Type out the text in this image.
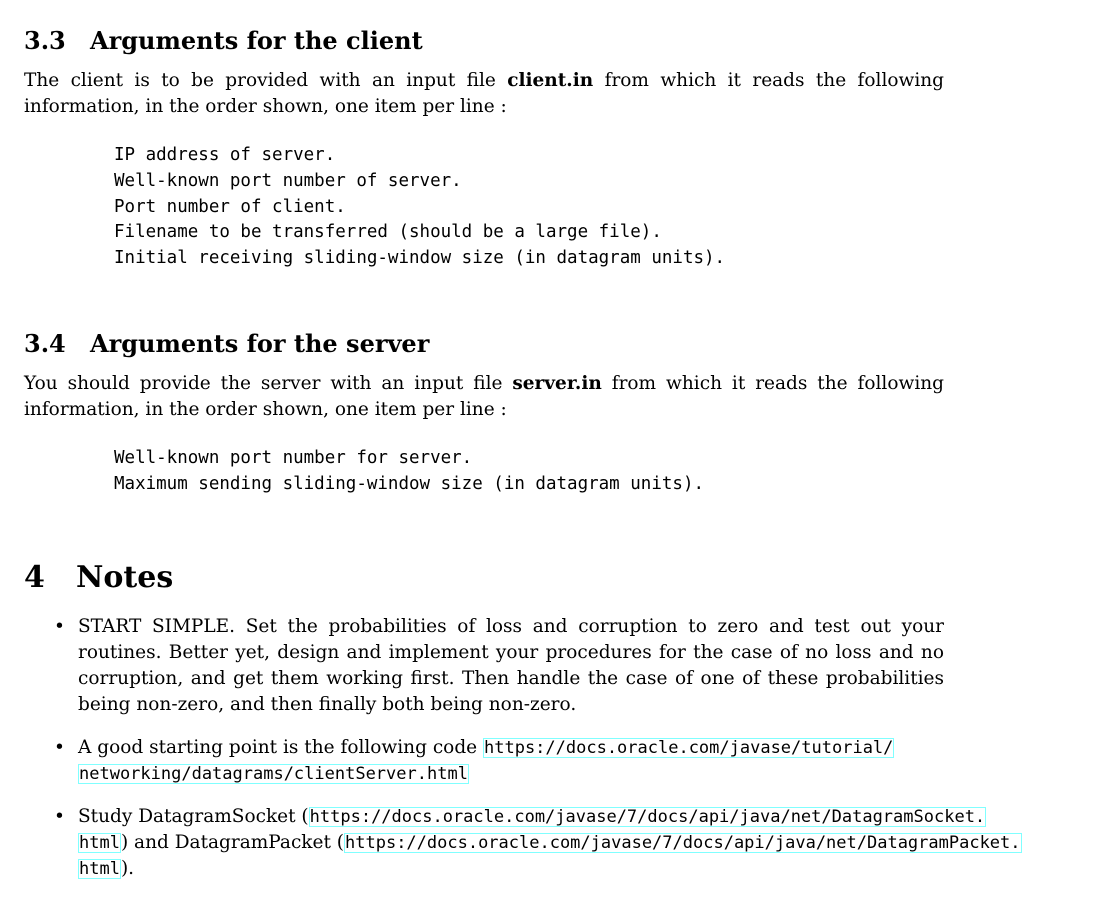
3.3 Arguments for the client
The client is to be provided with an input file client.in from which it reads the following information, in the order shown, one item per line :
IP address of server.
Well-known port number of server.
Port number of client.
Filename to be transferred (should be a large file).
Initial receiving sliding-window size (in datagram units).
3.4 Arguments for the server
You should provide the server with an input file server.in from which it reads the following information, in the order shown, one item per line :
Well-known port number for server.
Maximum sending sliding-window size (in datagram units).
4 Notes
• START SIMPLE. Set the probabilities of loss and corruption to zero and test out your routines. Better yet, design and implement your procedures for the case of no loss and no corruption, and get them working first. Then handle the case of one of these probabilities being non-zero, and then finally both being non-zero.
• A good starting point is the following code https://docs.oracle.com/javase/tutorial/
networking/datagrams/clientServer.html
• Study DatagramSocket (https://docs.oracle.com/javase/7/docs/api/java/net/DatagramSocket.
html) and DatagramPacket (https://docs.oracle.com/javase/7/docs/api/java/net/DatagramPacket.
html).
